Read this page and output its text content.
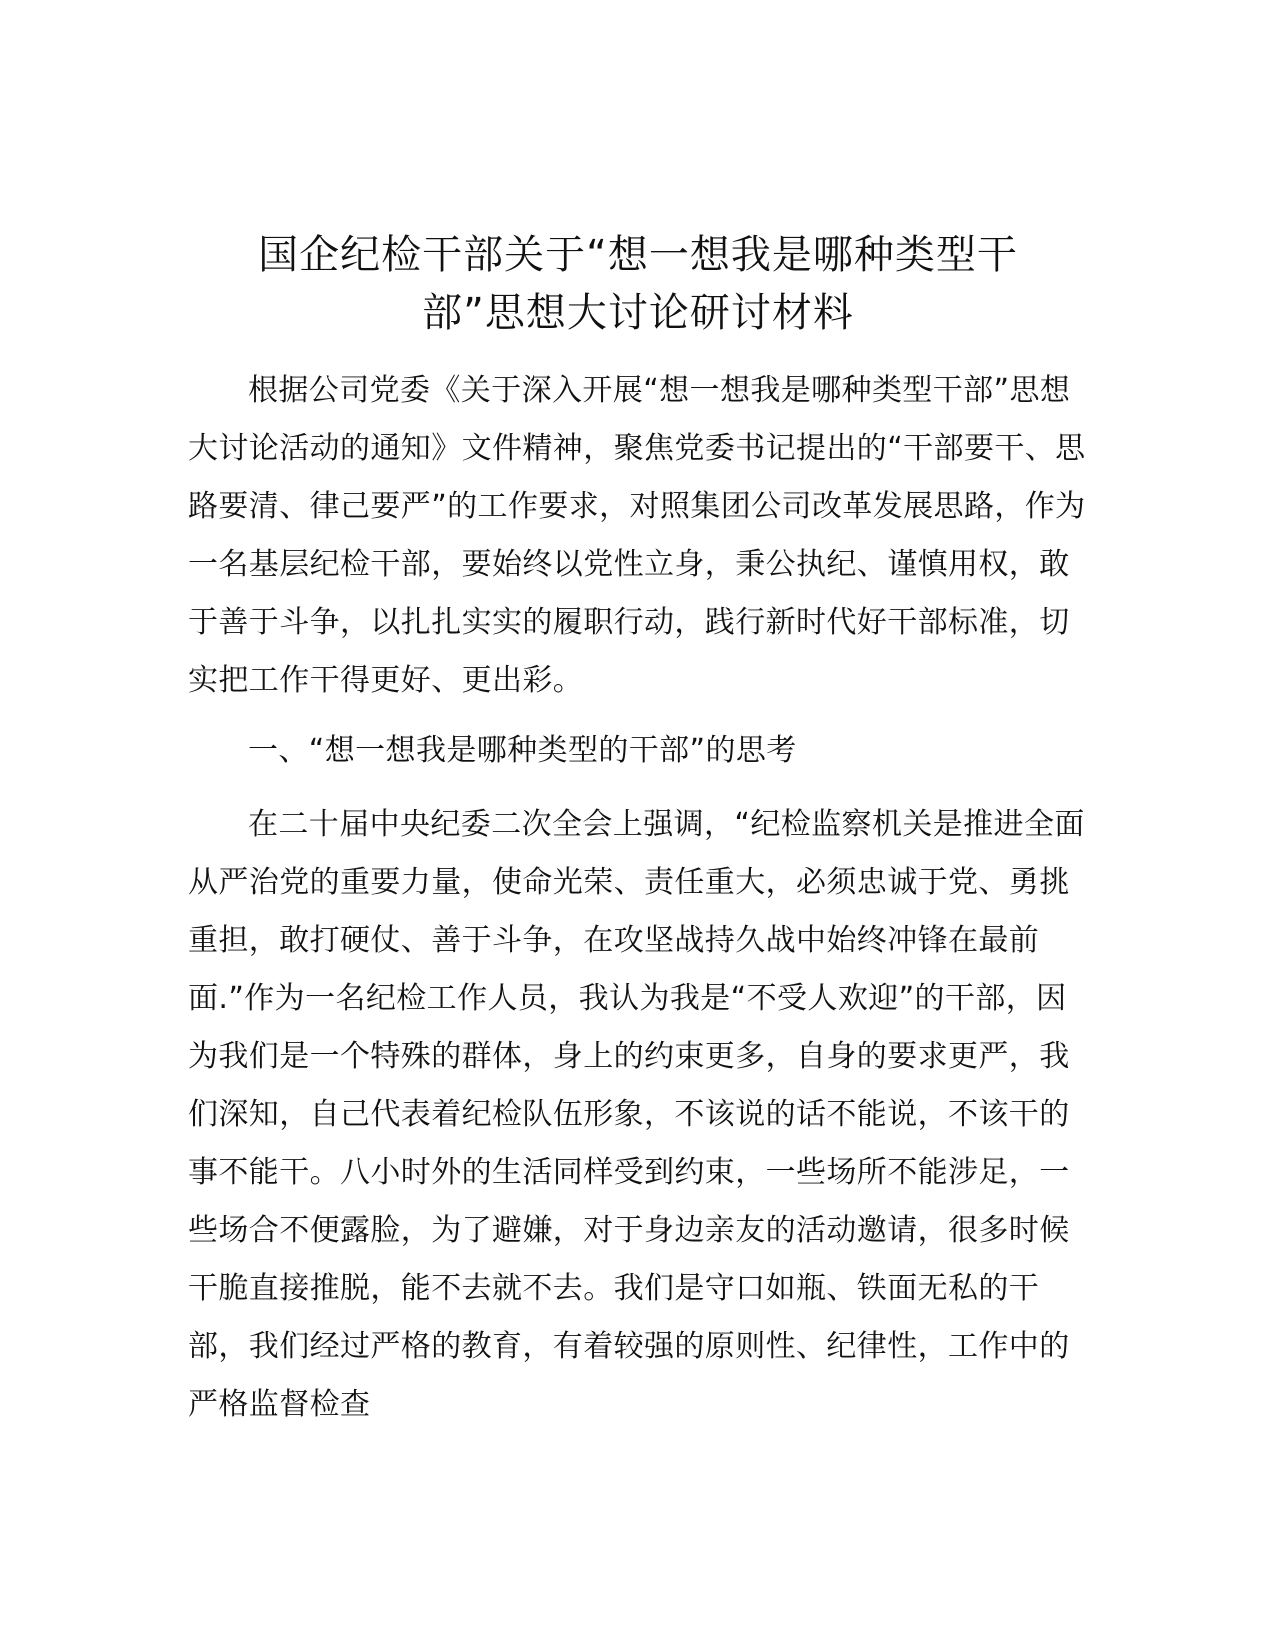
国企纪检干部关于“想一想我是哪种类型干
部”思想大讨论研讨材料

根据公司党委《关于深入开展“想一想我是哪种类型干部”思想大讨论活动的通知》文件精神，聚焦党委书记提出的“干部要干、思路要清、律己要严”的工作要求，对照集团公司改革发展思路，作为一名基层纪检干部，要始终以党性立身，秉公执纪、谨慎用权，敢于善于斗争，以扎扎实实的履职行动，践行新时代好干部标准，切实把工作干得更好、更出彩。

一、“想一想我是哪种类型的干部”的思考

在二十届中央纪委二次全会上强调，“纪检监察机关是推进全面从严治党的重要力量，使命光荣、责任重大，必须忠诚于党、勇挑重担，敢打硬仗、善于斗争，在攻坚战持久战中始终冲锋在最前面.”作为一名纪检工作人员，我认为我是“不受人欢迎”的干部，因为我们是一个特殊的群体，身上的约束更多，自身的要求更严，我们深知，自己代表着纪检队伍形象，不该说的话不能说，不该干的事不能干。八小时外的生活同样受到约束，一些场所不能涉足，一些场合不便露脸，为了避嫌，对于身边亲友的活动邀请，很多时候干脆直接推脱，能不去就不去。我们是守口如瓶、铁面无私的干部，我们经过严格的教育，有着较强的原则性、纪律性，工作中的严格监督检查
